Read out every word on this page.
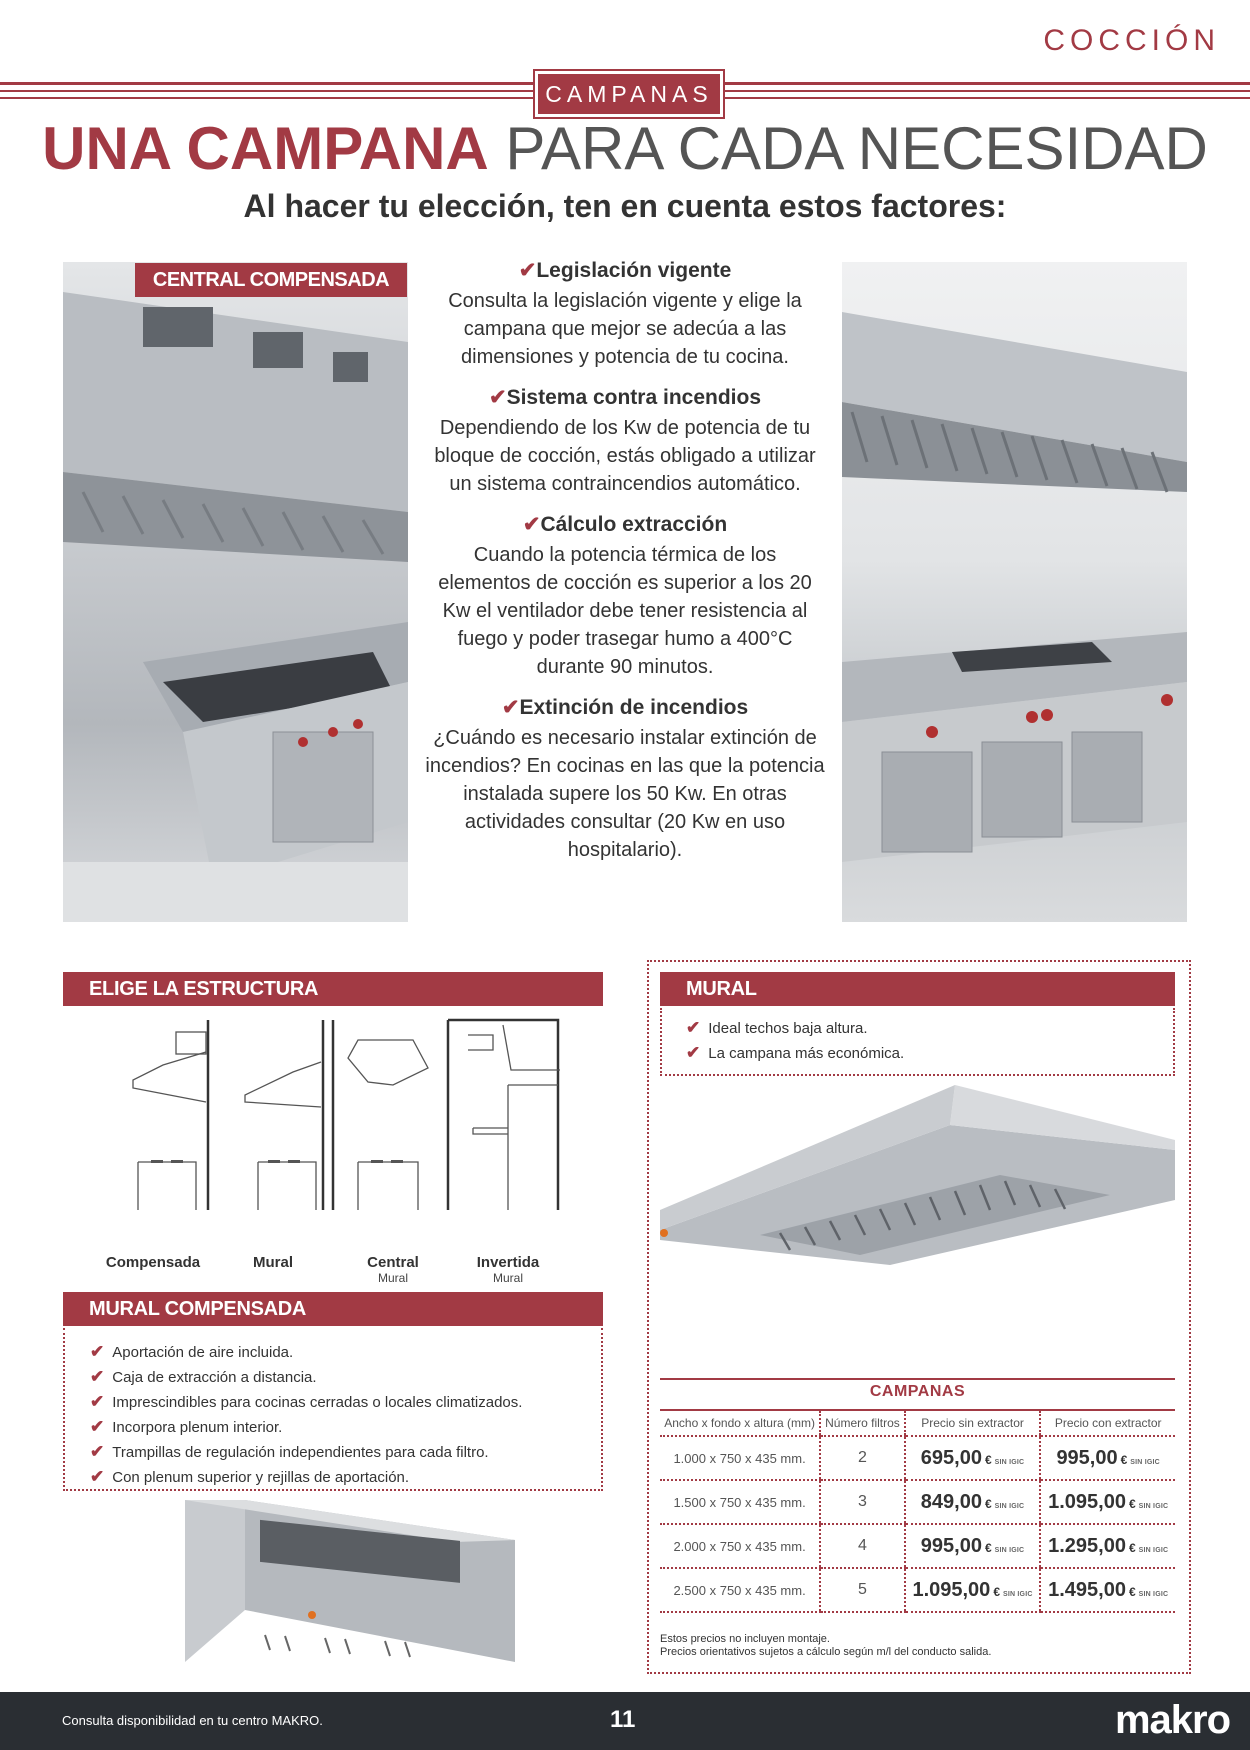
COCCIÓN
CAMPANAS
UNA CAMPANA PARA CADA NECESIDAD
Al hacer tu elección, ten en cuenta estos factores:
CENTRAL COMPENSADA	✔Legislación vigente

Consulta la legislación vigente y elige la campana que mejor se adecúa a las dimensiones y potencia de tu cocina.

✔Sistema contra incendios

Dependiendo de los Kw de potencia de tu bloque de cocción, estás obligado a utilizar un sistema contraincendios automático.

✔Cálculo extracción

Cuando la potencia térmica de los elementos de cocción es superior a los 20 Kw el ventilador debe tener resistencia al fuego y poder trasegar humo a 400°C durante 90 minutos.

✔Extinción de incendios

¿Cuándo es necesario instalar extinción de incendios? En cocinas en las que la potencia instalada supere los 50 Kw. En otras actividades consultar (20 Kw en uso hospitalario).

ELIGE LA ESTRUCTURA
Compensada	Mural	Central
Mural
Invertida
Mural
MURAL COMPENSADA
✔ Aportación de aire incluida.
✔ Caja de extracción a distancia.
✔ Imprescindibles para cocinas cerradas o locales climatizados.
✔ Incorpora plenum interior.
✔ Trampillas de regulación independientes para cada filtro.
✔ Con plenum superior y rejillas de aportación.
MURAL
✔ Ideal techos baja altura.
✔ La campana más económica.
CAMPANAS
Ancho x fondo x altura (mm)	Número filtros	Precio sin extractor	Precio con extractor
1.000 x 750 x 435 mm.	2	695,00 € SIN IGIC	995,00 € SIN IGIC
1.500 x 750 x 435 mm.	3	849,00 € SIN IGIC	1.095,00 € SIN IGIC
2.000 x 750 x 435 mm.	4	995,00 € SIN IGIC	1.295,00 € SIN IGIC
2.500 x 750 x 435 mm.	5	1.095,00 € SIN IGIC	1.495,00 € SIN IGIC
Estos precios no incluyen montaje.
Precios orientativos sujetos a cálculo según m/l del conducto salida.
Consulta disponibilidad en tu centro MAKRO.	11	makro
